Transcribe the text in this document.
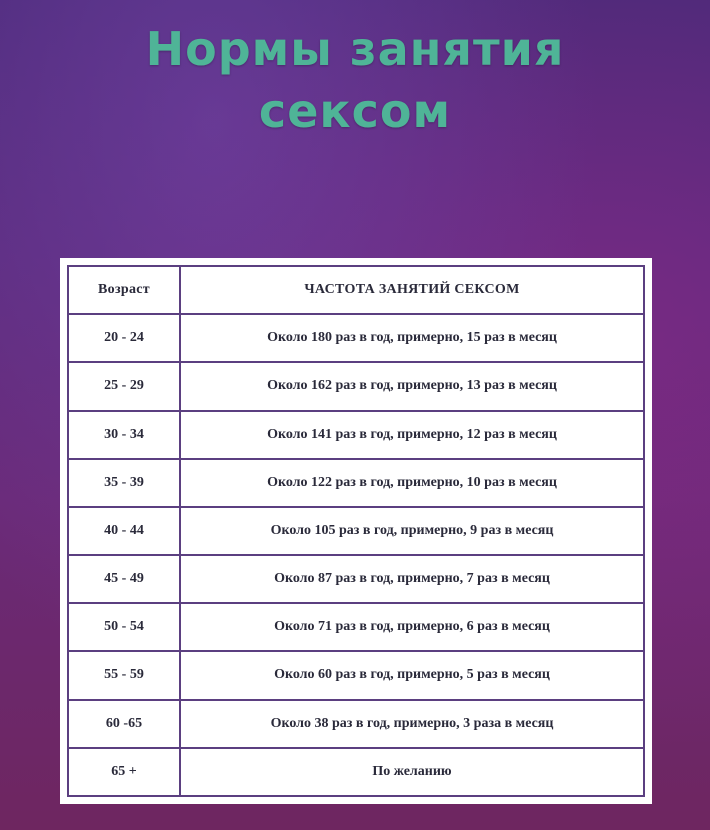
Нормы занятия
сексом
Возраст	ЧАСТОТА ЗАНЯТИЙ СЕКСОМ
20 - 24	Около 180 раз в год, примерно, 15 раз в месяц
25 - 29	Около 162 раз в год, примерно, 13 раз в месяц
30 - 34	Около 141 раз в год, примерно, 12 раз в месяц
35 - 39	Около 122 раз в год, примерно, 10 раз в месяц
40 - 44	Около 105 раз в год, примерно, 9 раз в месяц
45 - 49	Около 87 раз в год, примерно, 7 раз в месяц
50 - 54	Около 71 раз в год, примерно, 6 раз в месяц
55 - 59	Около 60 раз в год, примерно, 5 раз в месяц
60 -65	Около 38 раз в год, примерно, 3 раза в месяц
65 +	По желанию
